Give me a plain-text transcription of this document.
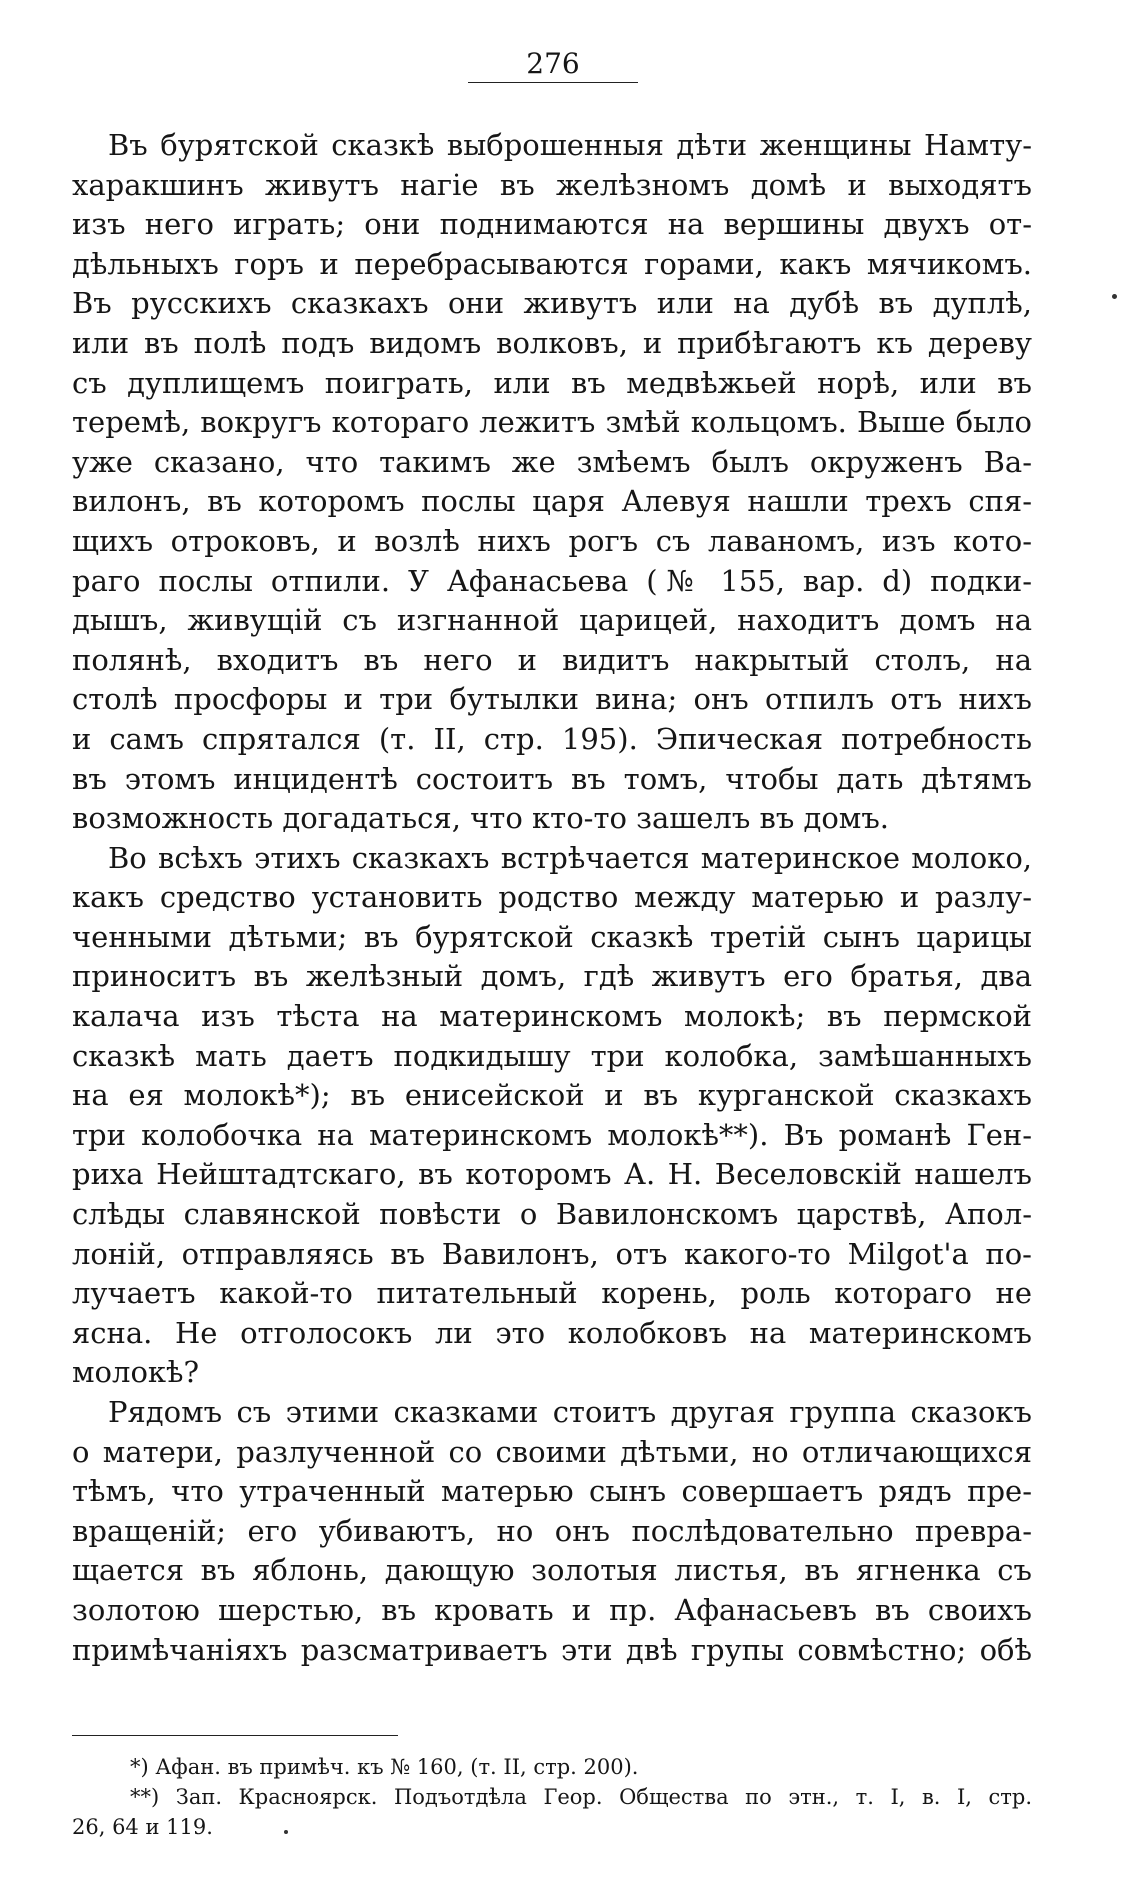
276
Въ бурятской сказкѣ выброшенныя дѣти женщины Намту-
харакшинъ живутъ нагіе въ желѣзномъ домѣ и выходятъ
изъ него играть; они поднимаются на вершины двухъ от-
дѣльныхъ горъ и перебрасываются горами, какъ мячикомъ.
Въ русскихъ сказкахъ они живутъ или на дубѣ въ дуплѣ,
или въ полѣ подъ видомъ волковъ, и прибѣгаютъ къ дереву
съ дуплищемъ поиграть, или въ медвѣжьей норѣ, или въ
теремѣ, вокругъ котораго лежитъ змѣй кольцомъ. Выше было
уже сказано, что такимъ же змѣемъ былъ окруженъ Ва-
вилонъ, въ которомъ послы царя Алевуя нашли трехъ спя-
щихъ отроковъ, и возлѣ нихъ рогъ съ лаваномъ, изъ кото-
раго послы отпили. У Афанасьева (№ 155, вар. d) подки-
дышъ, живущій съ изгнанной царицей, находитъ домъ на
полянѣ, входитъ въ него и видитъ накрытый столъ, на
столѣ просфоры и три бутылки вина; онъ отпилъ отъ нихъ
и самъ спрятался (т. II, стр. 195). Эпическая потребность
въ этомъ инцидентѣ состоитъ въ томъ, чтобы дать дѣтямъ
возможность догадаться, что кто-то зашелъ въ домъ.
Во всѣхъ этихъ сказкахъ встрѣчается материнское молоко,
какъ средство установить родство между матерью и разлу-
ченными дѣтьми; въ бурятской сказкѣ третій сынъ царицы
приноситъ въ желѣзный домъ, гдѣ живутъ его братья, два
калача изъ тѣста на материнскомъ молокѣ; въ пермской
сказкѣ мать даетъ подкидышу три колобка, замѣшанныхъ
на ея молокѣ*); въ енисейской и въ курганской сказкахъ
три колобочка на материнскомъ молокѣ**). Въ романѣ Ген-
риха Нейштадтскаго, въ которомъ А. Н. Веселовскій нашелъ
слѣды славянской повѣсти о Вавилонскомъ царствѣ, Апол-
лоній, отправляясь въ Вавилонъ, отъ какого-то Milgot'а по-
лучаетъ какой-то питательный корень, роль котораго не
ясна. Не отголосокъ ли это колобковъ на материнскомъ
молокѣ?
Рядомъ съ этими сказками стоитъ другая группа сказокъ
о матери, разлученной со своими дѣтьми, но отличающихся
тѣмъ, что утраченный матерью сынъ совершаетъ рядъ пре-
вращеній; его убиваютъ, но онъ послѣдовательно превра-
щается въ яблонь, дающую золотыя листья, въ ягненка съ
золотою шерстью, въ кровать и пр. Афанасьевъ въ своихъ
примѣчаніяхъ разсматриваетъ эти двѣ групы совмѣстно; обѣ
*) Афан. въ примѣч. къ № 160, (т. II, стр. 200).
**) Зап. Красноярск. Подъотдѣла Геор. Общества по этн., т. I, в. I, стр.
26, 64 и 119.
